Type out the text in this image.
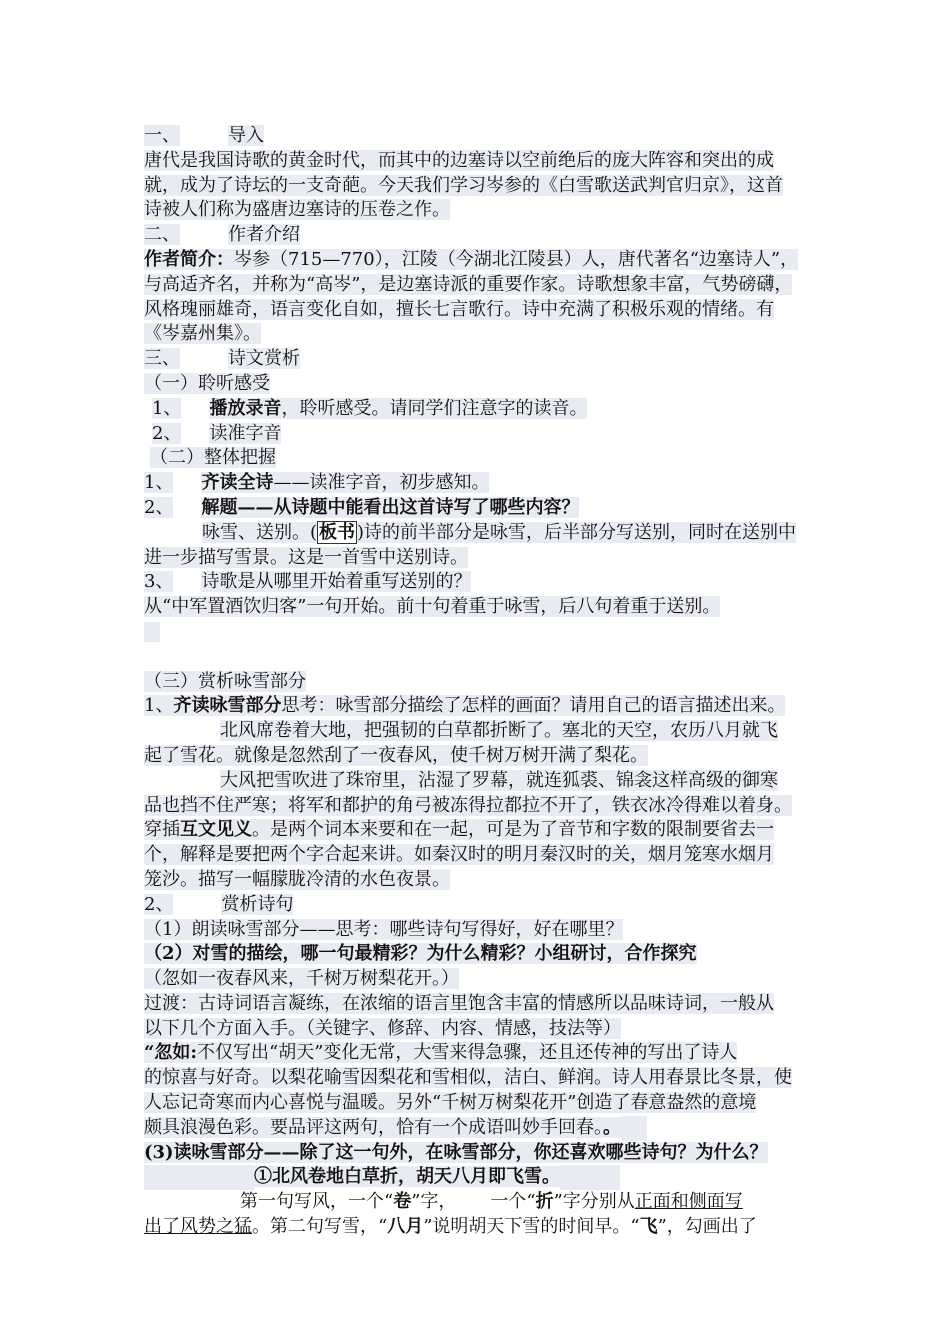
一、	导入
唐代是我国诗歌的黄金时代，而其中的边塞诗以空前绝后的庞大阵容和突出的成
就，成为了诗坛的一支奇葩。今天我们学习岑参的《白雪歌送武判官归京》，这首
诗被人们称为盛唐边塞诗的压卷之作。
二、	作者介绍
作者简介：岑参（715—770），江陵（今湖北江陵县）人，唐代著名“边塞诗人”，
与高适齐名，并称为“高岑”，是边塞诗派的重要作家。诗歌想象丰富，气势磅礴，
风格瑰丽雄奇，语言变化自如，擅长七言歌行。诗中充满了积极乐观的情绪。有
《岑嘉州集》。
三、	诗文赏析
（一）聆听感受
1、 播放录音，聆听感受。请同学们注意字的读音。
2、 读准字音
（二）整体把握
1、 齐读全诗——读准字音，初步感知。
2、 解题——从诗题中能看出这首诗写了哪些内容？
咏雪、送别。( 板书 )诗的前半部分是咏雪，后半部分写送别，同时在送别中
进一步描写雪景。这是一首雪中送别诗。
3、 诗歌是从哪里开始着重写送别的？
从“中军置酒饮归客”一句开始。前十句着重于咏雪，后八句着重于送别。
（三）赏析咏雪部分
1、齐读咏雪部分思考：咏雪部分描绘了怎样的画面？请用自己的语言描述出来。
北风席卷着大地，把强韧的白草都折断了。塞北的天空，农历八月就飞
起了雪花。就像是忽然刮了一夜春风，使千树万树开满了梨花。
大风把雪吹进了珠帘里，沾湿了罗幕，就连狐裘、锦衾这样高级的御寒
品也挡不住严寒；将军和都护的角弓被冻得拉都拉不开了，铁衣冰冷得难以着身。
穿插互文见义。是两个词本来要和在一起，可是为了音节和字数的限制要省去一
个，解释是要把两个字合起来讲。如秦汉时的明月秦汉时的关，烟月笼寒水烟月
笼沙。描写一幅朦胧冷清的水色夜景。
2、	赏析诗句
（1）朗读咏雪部分——思考：哪些诗句写得好，好在哪里？
（2）对雪的描绘，哪一句最精彩？为什么精彩？小组研讨，合作探究
（忽如一夜春风来，千树万树梨花开。）
过渡：古诗词语言凝练，在浓缩的语言里饱含丰富的情感所以品味诗词，一般从
以下几个方面入手。（关键字、修辞、内容、情感，技法等）
“忽如:不仅写出“胡天”变化无常，大雪来得急骤，还且还传神的写出了诗人
的惊喜与好奇。以梨花喻雪因梨花和雪相似，洁白、鲜润。诗人用春景比冬景，使
人忘记奇寒而内心喜悦与温暖。另外“千树万树梨花开”创造了春意盎然的意境
颇具浪漫色彩。要品评这两句，恰有一个成语叫妙手回春。。
(3)读咏雪部分——除了这一句外，在咏雪部分，你还喜欢哪些诗句？为什么？
①北风卷地白草折，胡天八月即飞雪。
第一句写风，一个“卷”字， 一个“折”字分别从正面和侧面写
出了风势之猛。第二句写雪，“八月”说明胡天下雪的时间早。“飞”，勾画出了
